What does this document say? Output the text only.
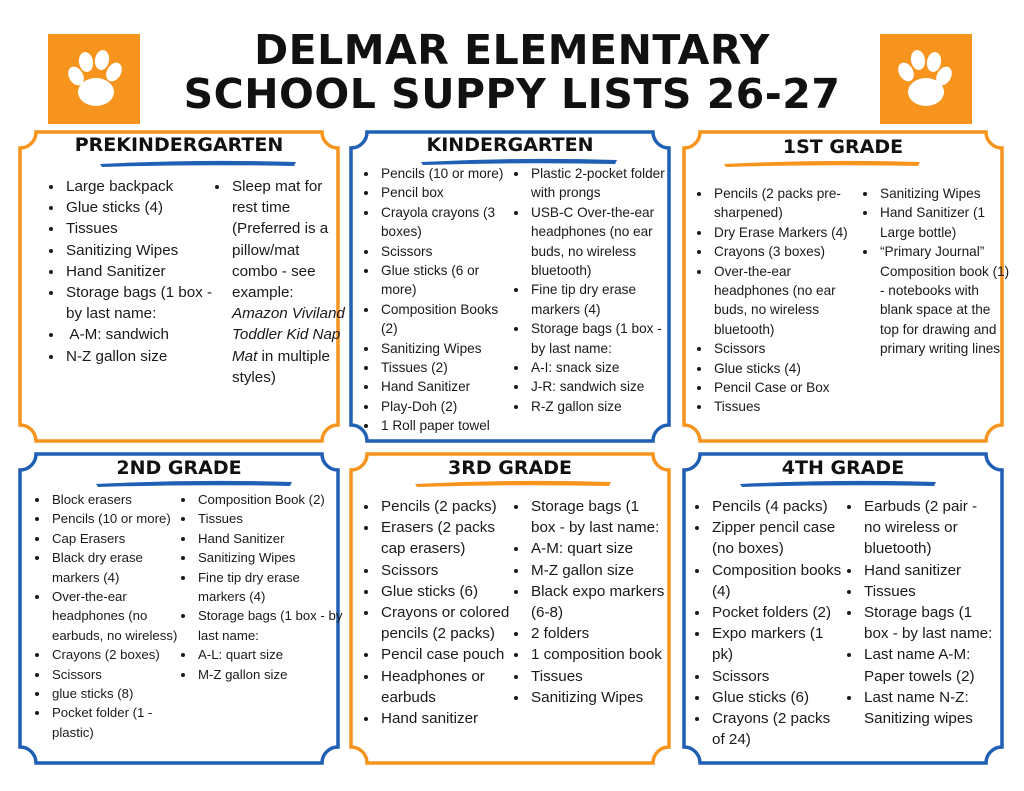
DELMAR ELEMENTARY
SCHOOL SUPPY LISTS 26-27
PREKINDERGARTEN
• Large backpack
• Glue sticks (4)
• Tissues
• Sanitizing Wipes
• Hand Sanitizer
• Storage bags (1 box - by last name:
•  A-M: sandwich
• N-Z gallon size
• Sleep mat for rest time (Preferred is a pillow/mat combo - see example: Amazon Viviland Toddler Kid Nap Mat in multiple styles)
KINDERGARTEN
• Pencils (10 or more)
• Pencil box
• Crayola crayons (3 boxes)
• Scissors
• Glue sticks (6 or more)
• Composition Books (2)
• Sanitizing Wipes
• Tissues (2)
• Hand Sanitizer
• Play-Doh (2)
• 1 Roll paper towel
• Plastic 2-pocket folder with prongs
• USB-C Over-the-ear headphones (no ear buds, no wireless bluetooth)
• Fine tip dry erase markers (4)
• Storage bags (1 box - by last name:
• A-I: snack size
• J-R: sandwich size
• R-Z gallon size
1ST GRADE
• Pencils (2 packs pre-sharpened)
• Dry Erase Markers (4)
• Crayons (3 boxes)
• Over-the-ear headphones (no ear buds, no wireless bluetooth)
• Scissors
• Glue sticks (4)
• Pencil Case or Box
• Tissues
• Sanitizing Wipes
• Hand Sanitizer (1 Large bottle)
• “Primary Journal” Composition book (1) - notebooks with blank space at the top for drawing and primary writing lines
2ND GRADE
• Block erasers
• Pencils (10 or more)
• Cap Erasers
• Black dry erase markers (4)
• Over-the-ear headphones (no earbuds, no wireless)
• Crayons (2 boxes)
• Scissors
• glue sticks (8)
• Pocket folder (1 - plastic)
• Composition Book (2)
• Tissues
• Hand Sanitizer
• Sanitizing Wipes
• Fine tip dry erase markers (4)
• Storage bags (1 box - by last name:
• A-L: quart size
• M-Z gallon size
3RD GRADE
• Pencils (2 packs)
• Erasers (2 packs cap erasers)
• Scissors
• Glue sticks (6)
• Crayons or colored pencils (2 packs)
• Pencil case pouch
• Headphones or earbuds
• Hand sanitizer
• Storage bags (1 box - by last name:
• A-M: quart size
• M-Z gallon size
• Black expo markers (6-8)
• 2 folders
• 1 composition book
• Tissues
• Sanitizing Wipes
4TH GRADE
• Pencils (4 packs)
• Zipper pencil case (no boxes)
• Composition books (4)
• Pocket folders (2)
• Expo markers (1 pk)
• Scissors
• Glue sticks (6)
• Crayons (2 packs of 24)
• Earbuds (2 pair - no wireless or bluetooth)
• Hand sanitizer
• Tissues
• Storage bags (1 box - by last name:
• Last name A-M: Paper towels (2)
• Last name N-Z: Sanitizing wipes
